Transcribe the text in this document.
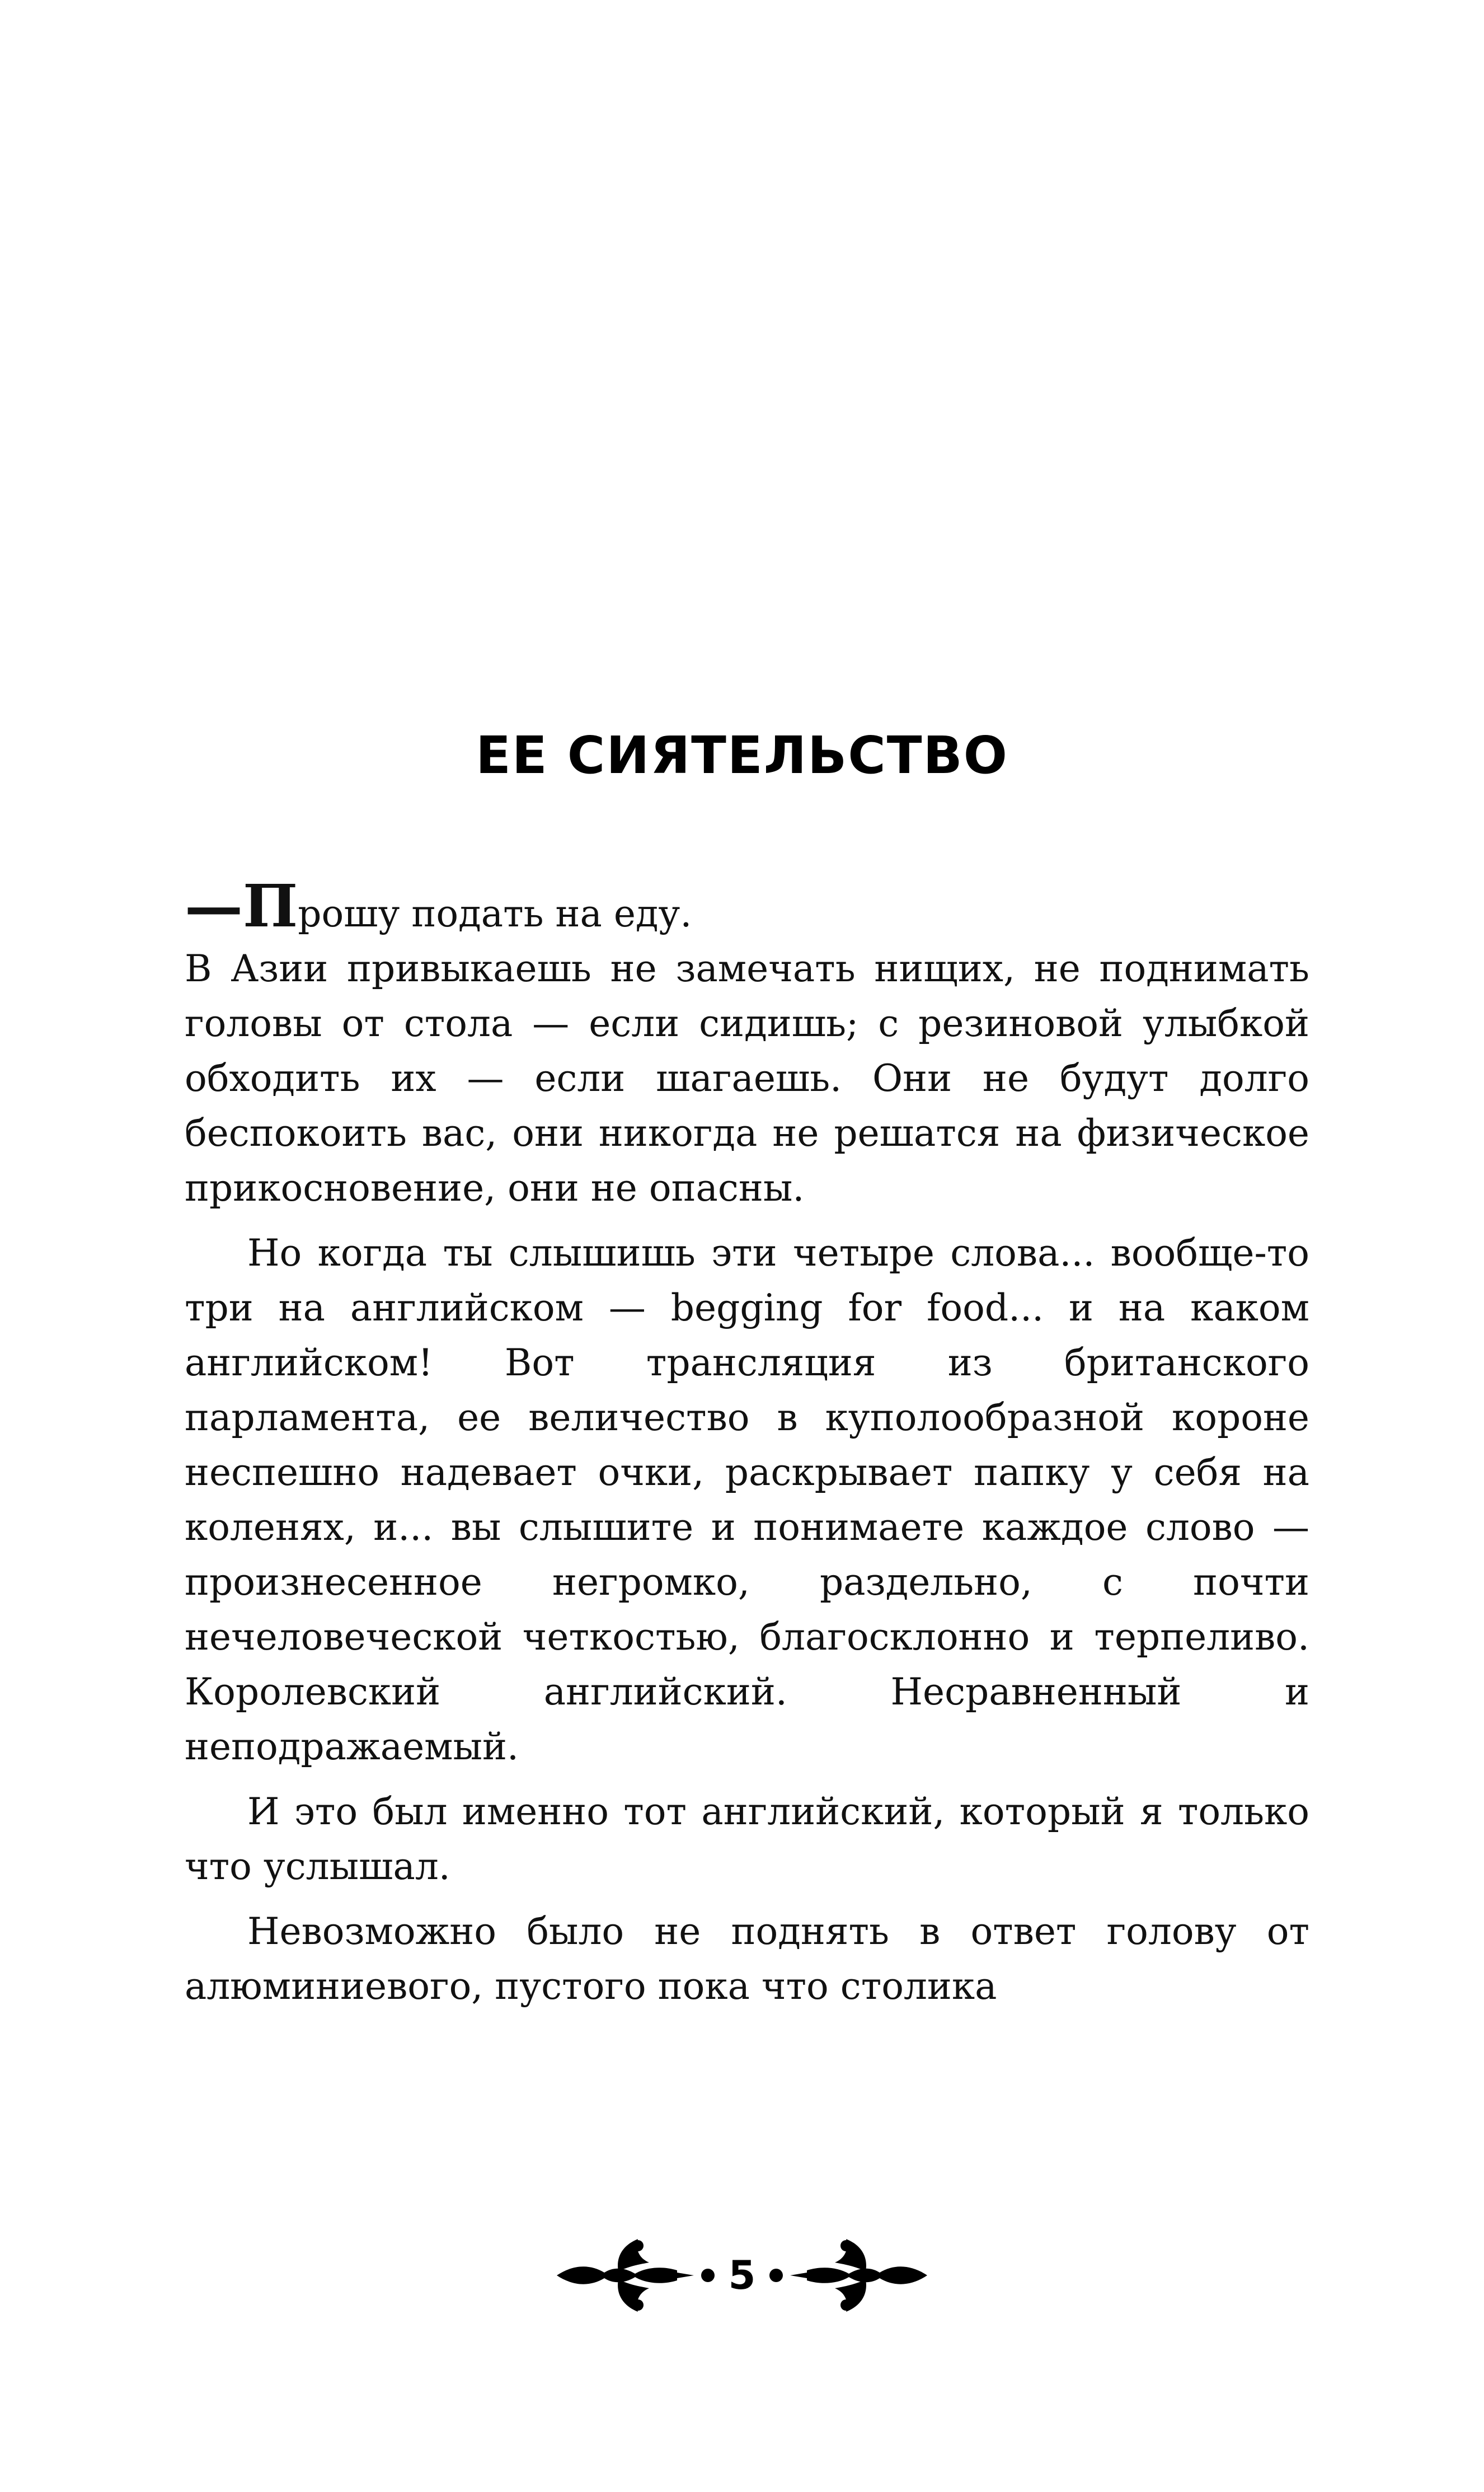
ЕЕ СИЯТЕЛЬСТВО

—Прошу подать на еду.

В Азии привыкаешь не замечать нищих, не поднимать головы от стола — если сидишь; с резиновой улыбкой обходить их — если шагаешь. Они не будут долго беспокоить вас, они никогда не решатся на физическое прикосновение, они не опасны.

Но когда ты слышишь эти четыре слова... вообще-то три на английском — begging for food... и на каком английском! Вот трансляция из британского парламента, ее величество в куполообразной короне неспешно надевает очки, раскрывает папку у себя на коленях, и... вы слышите и понимаете каждое слово — произнесенное негромко, раздельно, с почти нечеловеческой четкостью, благосклонно и терпеливо. Королевский английский. Несравненный и неподражаемый.

И это был именно тот английский, который я только что услышал.

Невозможно было не поднять в ответ голову от алюминиевого, пустого пока что столика

5
